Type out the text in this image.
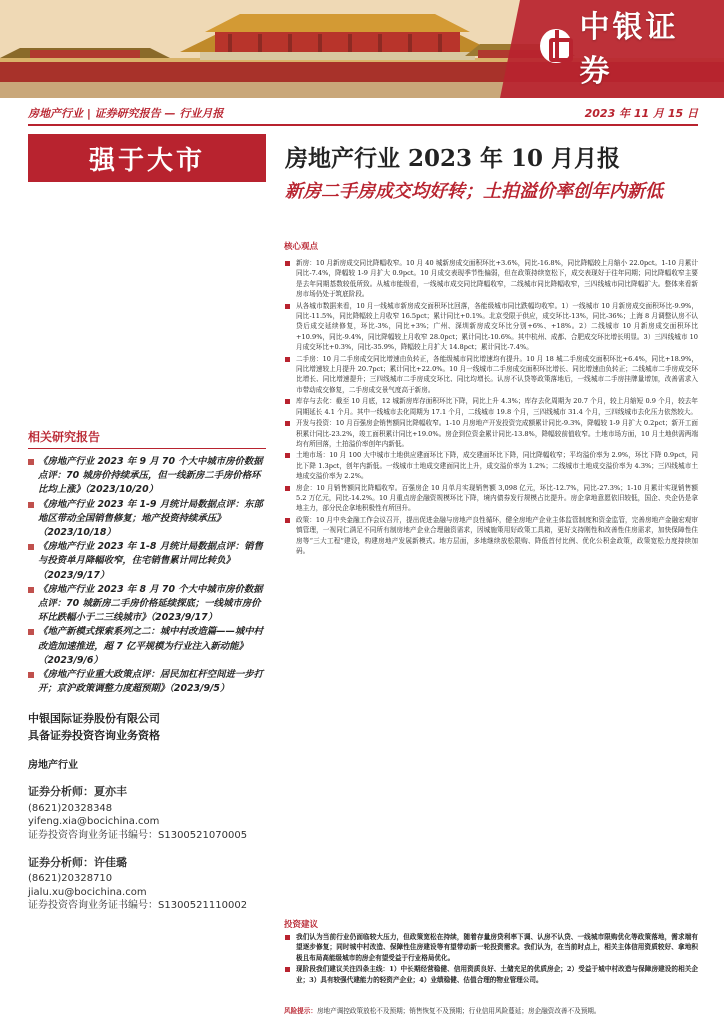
中银证券
房地产行业 | 证券研究报告 — 行业月报	2023 年 11 月 15 日
强于大市	房地产行业 2023 年 10 月月报
新房二手房成交均好转；土拍溢价率创年内新低
核心观点
新房：10 月新房成交同比降幅收窄。10 月 40 城新房成交面积环比+3.6%，同比-16.8%，同比降幅较上月缩小 22.0pct。1-10 月累计同比-7.4%，降幅较 1-9 月扩大 0.9pct。10 月成交表现季节性偏弱，但在政策持续宽松下，成交表现好于往年同期；同比降幅收窄主要是去年同期基数较低所致。从城市能级看，一线城市成交同比降幅收窄，二线城市同比降幅收窄，三四线城市同比降幅扩大。整体来看新房市场仍处于筑底阶段。
从各城市数据来看，10 月一线城市新房成交面积环比回落，各能级城市同比跌幅均收窄。1）一线城市 10 月新房成交面积环比-9.9%，同比-11.5%，同比降幅较上月收窄 16.5pct；累计同比+0.1%。北京受限于供应，成交环比-13%，同比-36%；上海 8 月调整认房不认贷后成交延续修复，环比-3%，同比+3%；广州、深圳新房成交环比分别+6%、+18%。2）二线城市 10 月新房成交面积环比+10.9%，同比-9.4%，同比降幅较上月收窄 28.0pct；累计同比-10.6%。其中杭州、成都、合肥成交环比增长明显。3）三四线城市 10 月成交环比+0.3%，同比-35.9%，降幅较上月扩大 14.8pct；累计同比-7.4%。
二手房：10 月二手房成交同比增速由负转正，各能级城市同比增速均有提升。10 月 18 城二手房成交面积环比+6.4%，同比+18.9%，同比增速较上月提升 20.7pct；累计同比+22.0%。10 月一线城市二手房成交面积环比增长、同比增速由负转正；二线城市二手房成交环比增长、同比增速提升；三四线城市二手房成交环比、同比均增长。认房不认贷等政策落地后，一线城市二手房挂牌量增加，改善需求入市带动成交修复，二手房成交景气度高于新房。
库存与去化：截至 10 月底，12 城新房库存面积环比下降，同比上升 4.3%；库存去化周期为 20.7 个月，较上月缩短 0.9 个月，较去年同期延长 4.1 个月。其中一线城市去化周期为 17.1 个月，二线城市 19.8 个月，三四线城市 31.4 个月，三四线城市去化压力依然较大。
开发与投资：10 月百强房企销售额同比降幅收窄。1-10 月房地产开发投资完成额累计同比-9.3%，降幅较 1-9 月扩大 0.2pct；新开工面积累计同比-23.2%，竣工面积累计同比+19.0%。房企到位资金累计同比-13.8%，降幅较前值收窄。土地市场方面，10 月土地供需两端均有所回落，土拍溢价率创年内新低。
土地市场：10 月 100 大中城市土地供应建面环比下降，成交建面环比下降，同比降幅收窄；平均溢价率为 2.9%，环比下降 0.9pct，同比下降 1.3pct，创年内新低。一线城市土地成交建面同比上升，成交溢价率为 1.2%；二线城市土地成交溢价率为 4.3%；三四线城市土地成交溢价率为 2.2%。
房企：10 月销售额同比降幅收窄。百强房企 10 月单月实现销售额 3,098 亿元，环比-12.7%，同比-27.3%；1-10 月累计实现销售额 5.2 万亿元，同比-14.2%。10 月重点房企融资规模环比下降，境内债券发行规模占比提升。房企拿地意愿依旧较低，国企、央企仍是拿地主力，部分民企拿地积极性有所回升。
政策：10 月中央金融工作会议召开，提出促进金融与房地产良性循环，健全房地产企业主体监管制度和资金监管，完善房地产金融宏观审慎管理，一视同仁满足不同所有制房地产企业合理融资需求，因城施策用好政策工具箱，更好支持刚性和改善性住房需求，加快保障性住房等“三大工程”建设，构建房地产发展新模式。地方层面，多地继续放松限购、降低首付比例、优化公积金政策，政策宽松力度持续加码。
投资建议
我们认为当前行业仍面临较大压力，但政策宽松在持续，随着存量房贷利率下调、认房不认贷、一线城市限购优化等政策落地，需求端有望逐步修复；同时城中村改造、保障性住房建设等有望带动新一轮投资需求。我们认为，在当前时点上，相关主体信用资质较好、拿地积极且布局高能级城市的房企有望受益于行业格局优化。
现阶段我们建议关注四条主线：1）中长期经营稳健、信用资质良好、土储充足的优质房企；2）受益于城中村改造与保障房建设的相关企业；3）具有较强代建能力的轻资产企业；4）业绩稳健、估值合理的物业管理公司。
风险提示：房地产调控政策放松不及预期；销售恢复不及预期；行业信用风险蔓延；房企融资改善不及预期。
相关研究报告
《房地产行业 2023 年 9 月 70 个大中城市房价数据点评：70 城房价持续承压，但一线新房二手房价格环比均上涨》（2023/10/20）
《房地产行业 2023 年 1-9 月统计局数据点评：东部地区带动全国销售修复；地产投资持续承压》（2023/10/18）
《房地产行业 2023 年 1-8 月统计局数据点评：销售与投资单月降幅收窄，住宅销售累计同比转负》（2023/9/17）
《房地产行业 2023 年 8 月 70 个大中城市房价数据点评：70 城新房二手房价格延续探底；一线城市房价环比跌幅小于二三线城市》（2023/9/17）
《地产新模式探索系列之二：城中村改造篇——城中村改造加速推进，超 7 亿平规模为行业注入新动能》（2023/9/6）
《房地产行业重大政策点评：居民加杠杆空间进一步打开；京沪政策调整力度超预期》（2023/9/5）
中银国际证券股份有限公司
具备证券投资咨询业务资格
房地产行业
证券分析师：夏亦丰
(8621)20328348
yifeng.xia@bocichina.com
证券投资咨询业务证书编号：S1300521070005
证券分析师：许佳璐
(8621)20328710
jialu.xu@bocichina.com
证券投资咨询业务证书编号：S1300521110002
